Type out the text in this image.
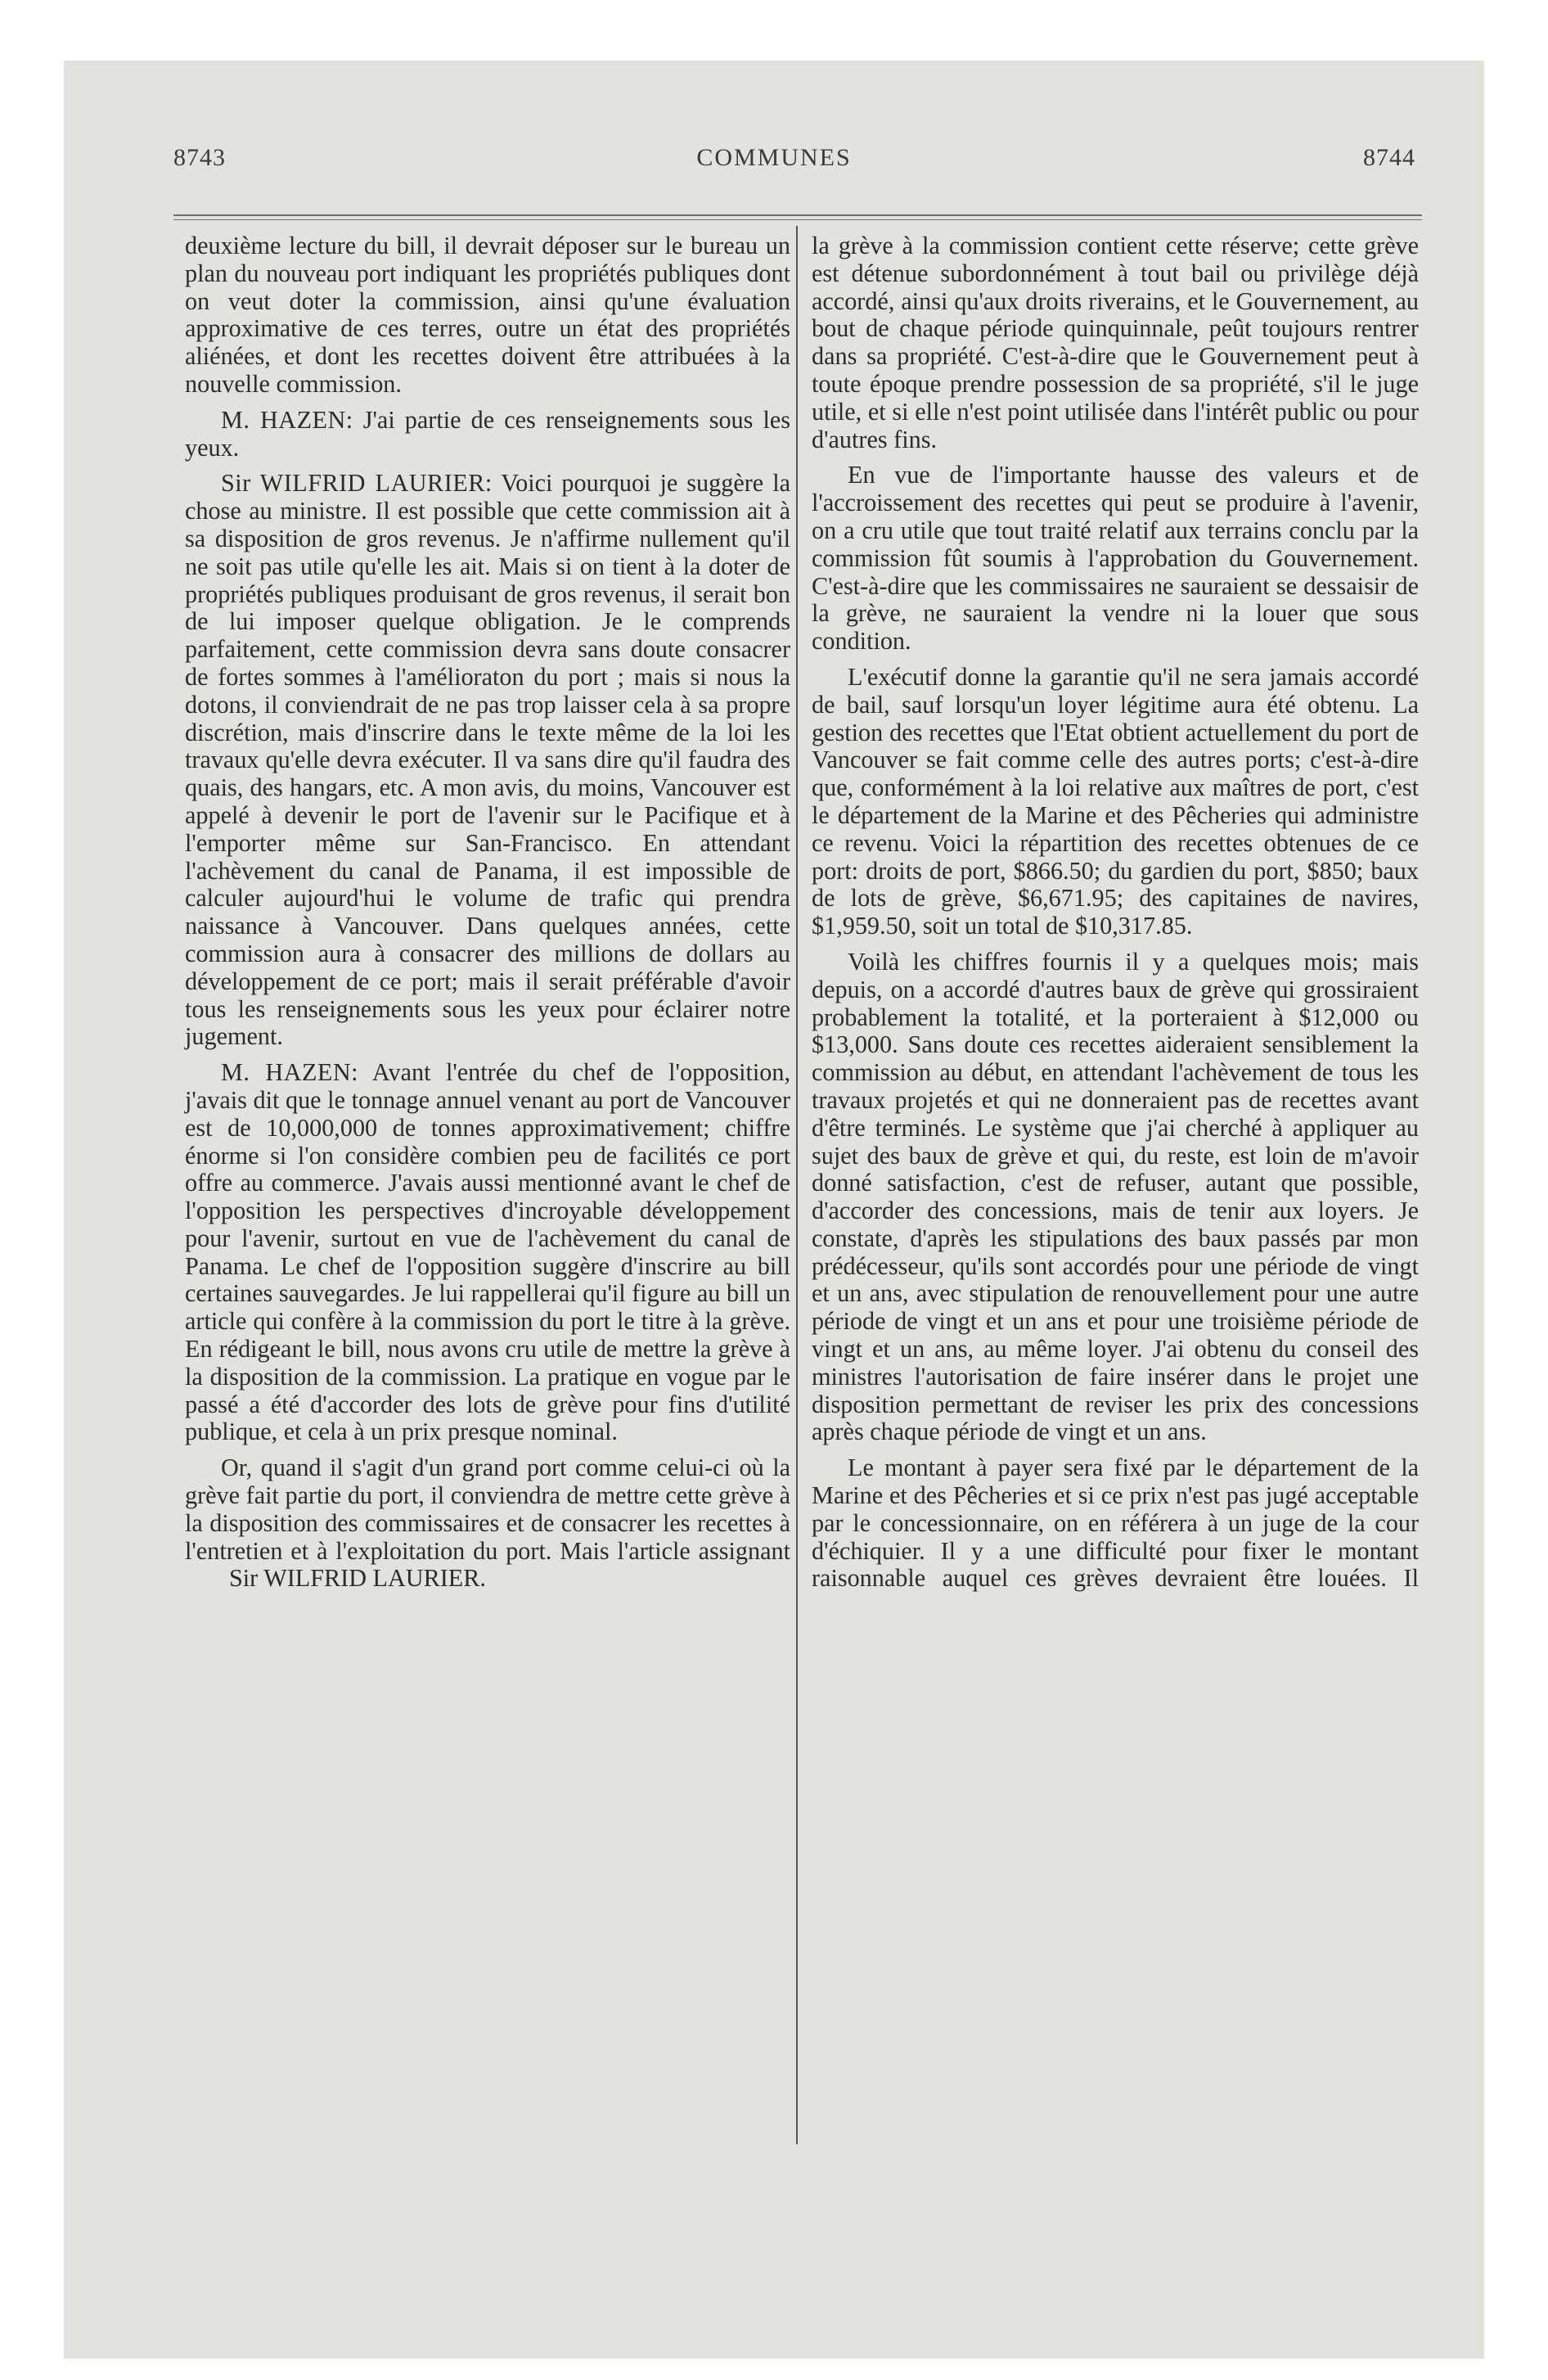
8743	COMMUNES	8744

deuxième lecture du bill, il devrait déposer sur le bureau un plan du nouveau port indiquant les propriétés publiques dont on veut doter la commission, ainsi qu'une évaluation approximative de ces terres, outre un état des propriétés aliénées, et dont les recettes doivent être attribuées à la nouvelle commission.

M. HAZEN: J'ai partie de ces renseignements sous les yeux.

Sir WILFRID LAURIER: Voici pourquoi je suggère la chose au ministre. Il est possible que cette commission ait à sa disposition de gros revenus. Je n'affirme nullement qu'il ne soit pas utile qu'elle les ait. Mais si on tient à la doter de propriétés publiques produisant de gros revenus, il serait bon de lui imposer quelque obligation. Je le comprends parfaitement, cette commission devra sans doute consacrer de fortes sommes à l'amélioraton du port ; mais si nous la dotons, il conviendrait de ne pas trop laisser cela à sa propre discrétion, mais d'inscrire dans le texte même de la loi les travaux qu'elle devra exécuter. Il va sans dire qu'il faudra des quais, des hangars, etc. A mon avis, du moins, Vancouver est appelé à devenir le port de l'avenir sur le Pacifique et à l'emporter même sur San-Francisco. En attendant l'achèvement du canal de Panama, il est impossible de calculer aujourd'hui le volume de trafic qui prendra naissance à Vancouver. Dans quelques années, cette commission aura à consacrer des millions de dollars au développement de ce port; mais il serait préférable d'avoir tous les renseignements sous les yeux pour éclairer notre jugement.

M. HAZEN: Avant l'entrée du chef de l'opposition, j'avais dit que le tonnage annuel venant au port de Vancouver est de 10,000,000 de tonnes approximativement; chiffre énorme si l'on considère combien peu de facilités ce port offre au commerce. J'avais aussi mentionné avant le chef de l'opposition les perspectives d'incroyable développement pour l'avenir, surtout en vue de l'achèvement du canal de Panama. Le chef de l'opposition suggère d'inscrire au bill certaines sauvegardes. Je lui rappellerai qu'il figure au bill un article qui confère à la commission du port le titre à la grève. En rédigeant le bill, nous avons cru utile de mettre la grève à la disposition de la commission. La pratique en vogue par le passé a été d'accorder des lots de grève pour fins d'utilité publique, et cela à un prix presque nominal.

Or, quand il s'agit d'un grand port comme celui-ci où la grève fait partie du port, il conviendra de mettre cette grève à la disposition des commissaires et de consacrer les recettes à l'entretien et à l'exploitation du port. Mais l'article assignant

Sir WILFRID LAURIER.

la grève à la commission contient cette réserve; cette grève est détenue subordonnément à tout bail ou privilège déjà accordé, ainsi qu'aux droits riverains, et le Gouvernement, au bout de chaque période quinquinnale, peût toujours rentrer dans sa propriété. C'est-à-dire que le Gouvernement peut à toute époque prendre possession de sa propriété, s'il le juge utile, et si elle n'est point utilisée dans l'intérêt public ou pour d'autres fins.

En vue de l'importante hausse des valeurs et de l'accroissement des recettes qui peut se produire à l'avenir, on a cru utile que tout traité relatif aux terrains conclu par la commission fût soumis à l'approbation du Gouvernement. C'est-à-dire que les commissaires ne sauraient se dessaisir de la grève, ne sauraient la vendre ni la louer que sous condition.

L'exécutif donne la garantie qu'il ne sera jamais accordé de bail, sauf lorsqu'un loyer légitime aura été obtenu. La gestion des recettes que l'Etat obtient actuellement du port de Vancouver se fait comme celle des autres ports; c'est-à-dire que, conformément à la loi relative aux maîtres de port, c'est le département de la Marine et des Pêcheries qui administre ce revenu. Voici la répartition des recettes obtenues de ce port: droits de port, $866.50; du gardien du port, $850; baux de lots de grève, $6,671.95; des capitaines de navires, $1,959.50, soit un total de $10,317.85.

Voilà les chiffres fournis il y a quelques mois; mais depuis, on a accordé d'autres baux de grève qui grossiraient probablement la totalité, et la porteraient à $12,000 ou $13,000. Sans doute ces recettes aideraient sensiblement la commission au début, en attendant l'achèvement de tous les travaux projetés et qui ne donneraient pas de recettes avant d'être terminés. Le système que j'ai cherché à appliquer au sujet des baux de grève et qui, du reste, est loin de m'avoir donné satisfaction, c'est de refuser, autant que possible, d'accorder des concessions, mais de tenir aux loyers. Je constate, d'après les stipulations des baux passés par mon prédécesseur, qu'ils sont accordés pour une période de vingt et un ans, avec stipulation de renouvellement pour une autre période de vingt et un ans et pour une troisième période de vingt et un ans, au même loyer. J'ai obtenu du conseil des ministres l'autorisation de faire insérer dans le projet une disposition permettant de reviser les prix des concessions après chaque période de vingt et un ans.

Le montant à payer sera fixé par le département de la Marine et des Pêcheries et si ce prix n'est pas jugé acceptable par le concessionnaire, on en référera à un juge de la cour d'échiquier. Il y a une difficulté pour fixer le montant raisonnable auquel ces grèves devraient être louées. Il
